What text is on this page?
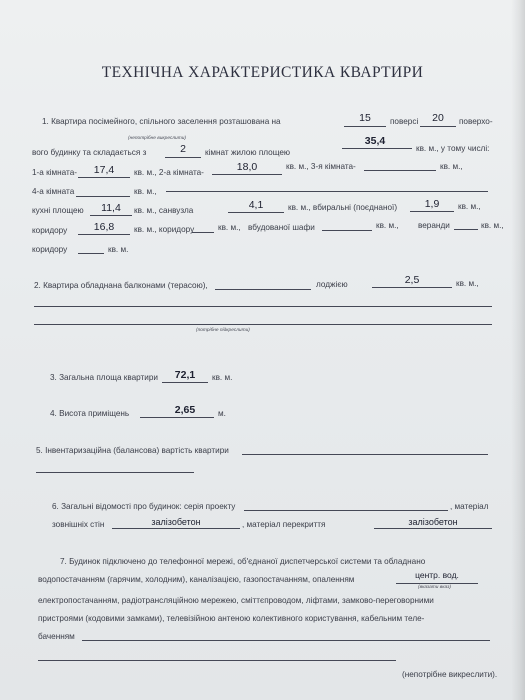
ТЕХНІЧНА ХАРАКТЕРИСТИКА КВАРТИРИ
1. Квартира посімейного, спільного заселення розташована на
(непотрібне викреслити)
15	поверсі	20	поверхо-
вого будинку та складається з	2	кімнат жилою площею
35,4
кв. м., у тому числі:
1-а кімната-	17,4	кв. м., 2-а кімната-	18,0	кв. м., 3-я кімната-	кв. м.,
4-а кімната	кв. м.,
кухні площею	11,4	кв. м., санвузла	4,1	кв. м., вбиральні (поєднаної)	1,9	кв. м.,
коридору	16,8	кв. м., коридору	кв. м., вбудованої шафи	кв. м., веранди	кв. м.,
коридору	кв. м.
2. Квартира обладнана балконами (терасою),	лоджією	2,5	кв. м.,
(потрібне підкреслити)
3. Загальна площа квартири	72,1	кв. м.
4. Висота приміщень	2,65	м.
5. Інвентаризаційна (балансова) вартість квартири
6. Загальні відомості про будинок: серія проекту	, матеріал
зовнішніх стін	залізобетон	, матеріал перекриття	залізобетон
7. Будинок підключено до телефонної мережі, об'єднаної диспетчерської системи та обладнано
водопостачанням (гарячим, холодним), каналізацією, газопостачанням, опаленням	центр. вод.
(вказати вказ)
електропостачанням, радіотрансляційною мережею, сміттєпроводом, ліфтами, замково-переговорними
пристроями (кодовими замками), телевізійною антеною колективного користування, кабельним теле-
баченням
(непотрібне викреслити).
